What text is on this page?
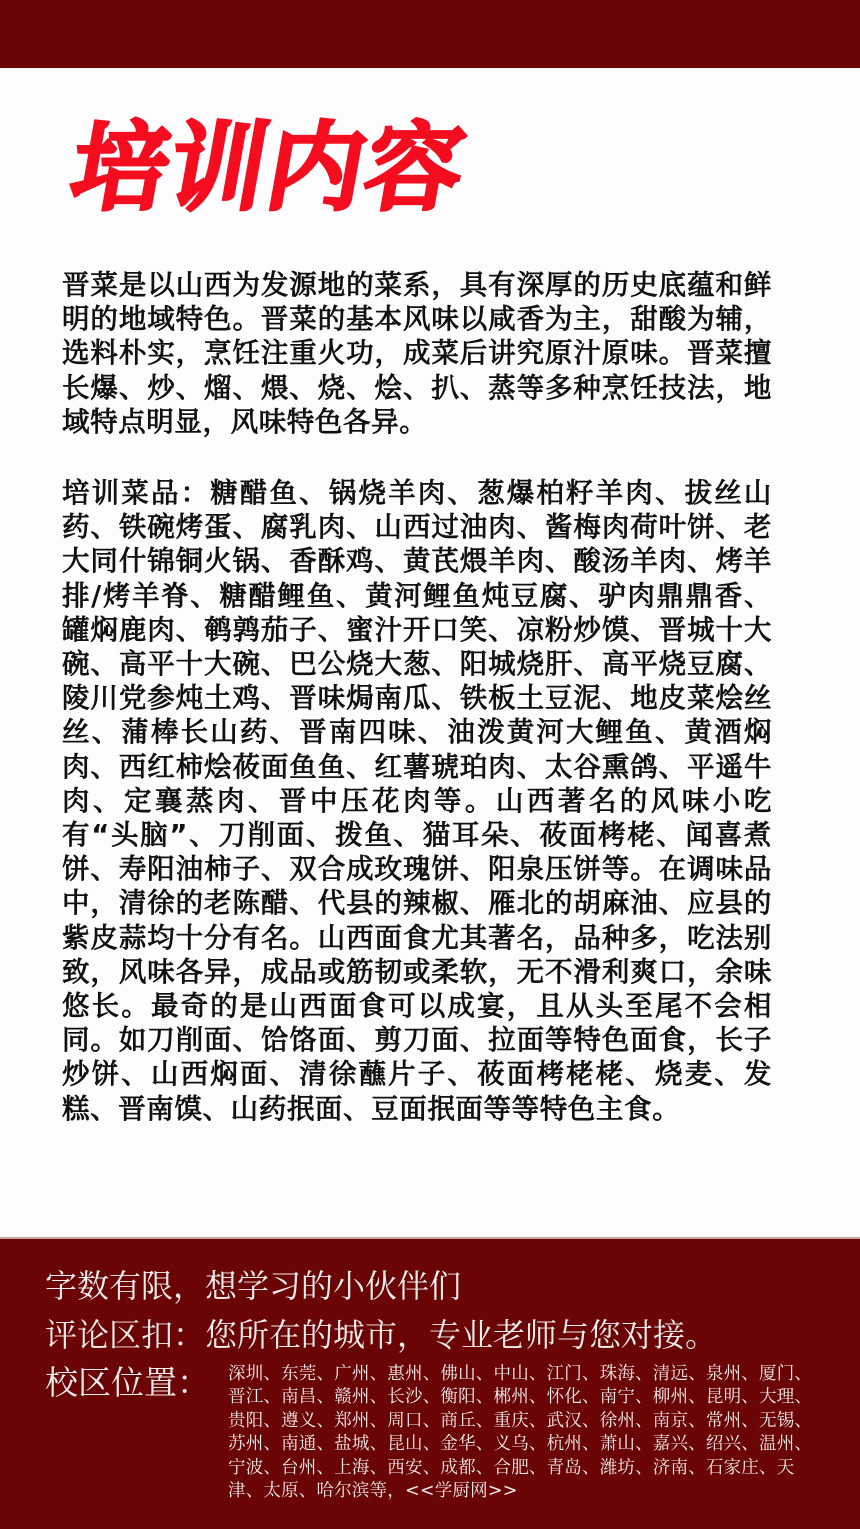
培训内容

晋菜是以山西为发源地的菜系，具有深厚的历史底蕴和鲜明的地域特色。晋菜的基本风味以咸香为主，甜酸为辅，选料朴实，烹饪注重火功，成菜后讲究原汁原味。晋菜擅长爆、炒、熘、煨、烧、烩、扒、蒸等多种烹饪技法，地域特点明显，风味特色各异。

培训菜品：糖醋鱼、锅烧羊肉、葱爆柏籽羊肉、拔丝山药、铁碗烤蛋、腐乳肉、山西过油肉、酱梅肉荷叶饼、老大同什锦铜火锅、香酥鸡、黄芪煨羊肉、酸汤羊肉、烤羊排/烤羊脊、糖醋鲤鱼、黄河鲤鱼炖豆腐、驴肉鼎鼎香、罐焖鹿肉、鹌鹑茄子、蜜汁开口笑、凉粉炒馍、晋城十大碗、高平十大碗、巴公烧大葱、阳城烧肝、高平烧豆腐、陵川党参炖土鸡、晋味焗南瓜、铁板土豆泥、地皮菜烩丝丝、蒲棒长山药、晋南四味、油泼黄河大鲤鱼、黄酒焖肉、西红柿烩莜面鱼鱼、红薯琥珀肉、太谷熏鸽、平遥牛肉、定襄蒸肉、晋中压花肉等。山西著名的风味小吃有“头脑”、刀削面、拨鱼、猫耳朵、莜面栲栳、闻喜煮饼、寿阳油柿子、双合成玫瑰饼、阳泉压饼等。在调味品中，清徐的老陈醋、代县的辣椒、雁北的胡麻油、应县的紫皮蒜均十分有名。山西面食尤其著名，品种多，吃法别致，风味各异，成品或筋韧或柔软，无不滑利爽口，余味悠长。最奇的是山西面食可以成宴，且从头至尾不会相同。如刀削面、饸饹面、剪刀面、拉面等特色面食，长子炒饼、山西焖面、清徐蘸片子、莜面栲栳栳、烧麦、发糕、晋南馍、山药抿面、豆面抿面等等特色主食。

字数有限，想学习的小伙伴们
评论区扣：您所在的城市，专业老师与您对接。
校区位置： 深圳、东莞、广州、惠州、佛山、中山、江门、珠海、清远、泉州、厦门、晋江、南昌、赣州、长沙、衡阳、郴州、怀化、南宁、柳州、昆明、大理、贵阳、遵义、郑州、周口、商丘、重庆、武汉、徐州、南京、常州、无锡、苏州、南通、盐城、昆山、金华、义乌、杭州、萧山、嘉兴、绍兴、温州、宁波、台州、上海、西安、成都、合肥、青岛、潍坊、济南、石家庄、天津、太原、哈尔滨等，<<学厨网>>
